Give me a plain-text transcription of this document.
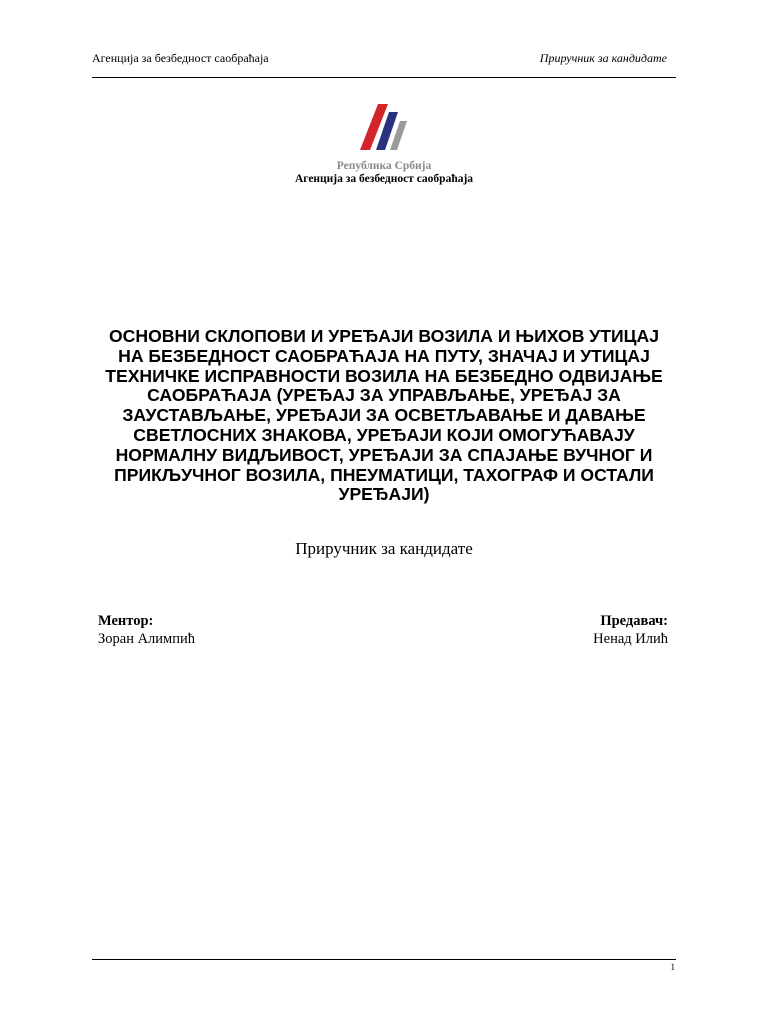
Агенција за безбедност саобраћаја	Приручник за кандидате
Република Србија
Агенција за безбедност саобраћаја
ОСНОВНИ СКЛОПОВИ И УРЕЂАЈИ ВОЗИЛА И ЊИХОВ УТИЦАЈ
НА БЕЗБЕДНОСТ САОБРАЋАЈА НА ПУТУ, ЗНАЧАЈ И УТИЦАЈ
ТЕХНИЧКЕ ИСПРАВНОСТИ ВОЗИЛА НА БЕЗБЕДНО ОДВИЈАЊЕ
САОБРАЋАЈА (УРЕЂАЈ ЗА УПРАВЉАЊЕ, УРЕЂАЈ ЗА
ЗАУСТАВЉАЊЕ, УРЕЂАЈИ ЗА ОСВЕТЉАВАЊЕ И ДАВАЊЕ
СВЕТЛОСНИХ ЗНАКОВА, УРЕЂАЈИ КОЈИ ОМОГУЋАВАЈУ
НОРМАЛНУ ВИДЉИВОСТ, УРЕЂАЈИ ЗА СПАЈАЊЕ ВУЧНОГ И
ПРИКЉУЧНОГ ВОЗИЛА, ПНЕУМАТИЦИ, ТАХОГРАФ И ОСТАЛИ
УРЕЂАЈИ)
Приручник за кандидате
Ментор:
Зоран Алимпић
Предавач:
Ненад Илић
1
